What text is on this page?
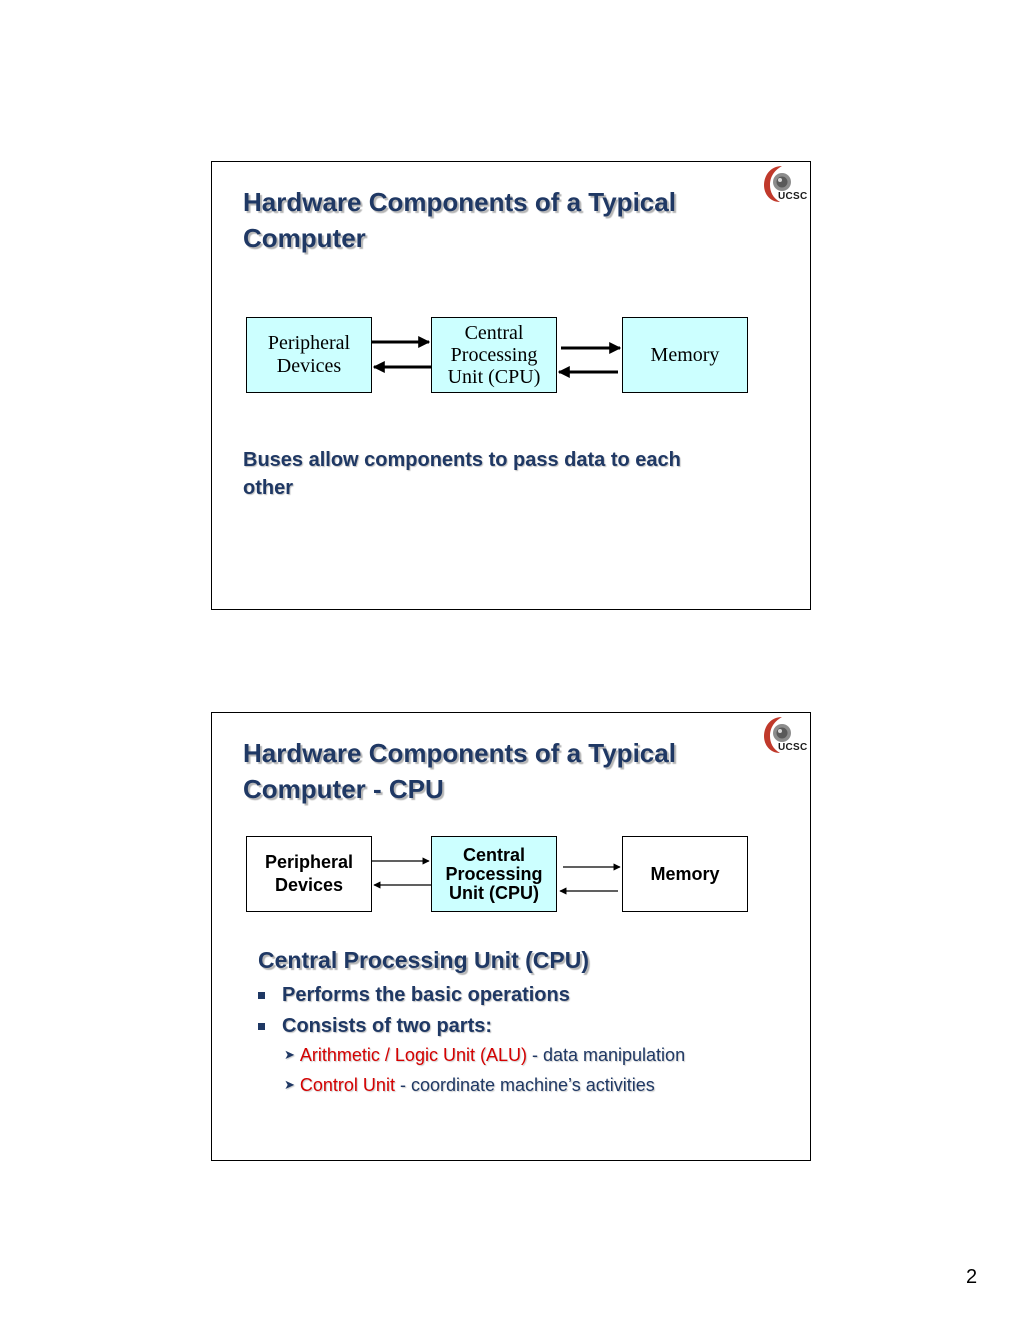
Hardware Components of a Typical
Computer
UCSC
Peripheral
Devices
Central
Processing
Unit (CPU)
Memory

Buses allow components to pass data to each
other

Hardware Components of a Typical
Computer - CPU
UCSC
Peripheral
Devices
Central
Processing
Unit (CPU)
Memory
Central Processing Unit (CPU)
Performs the basic operations
Consists of two parts:
➤ Arithmetic / Logic Unit (ALU) - data manipulation
➤ Control Unit - coordinate machine’s activities
2
